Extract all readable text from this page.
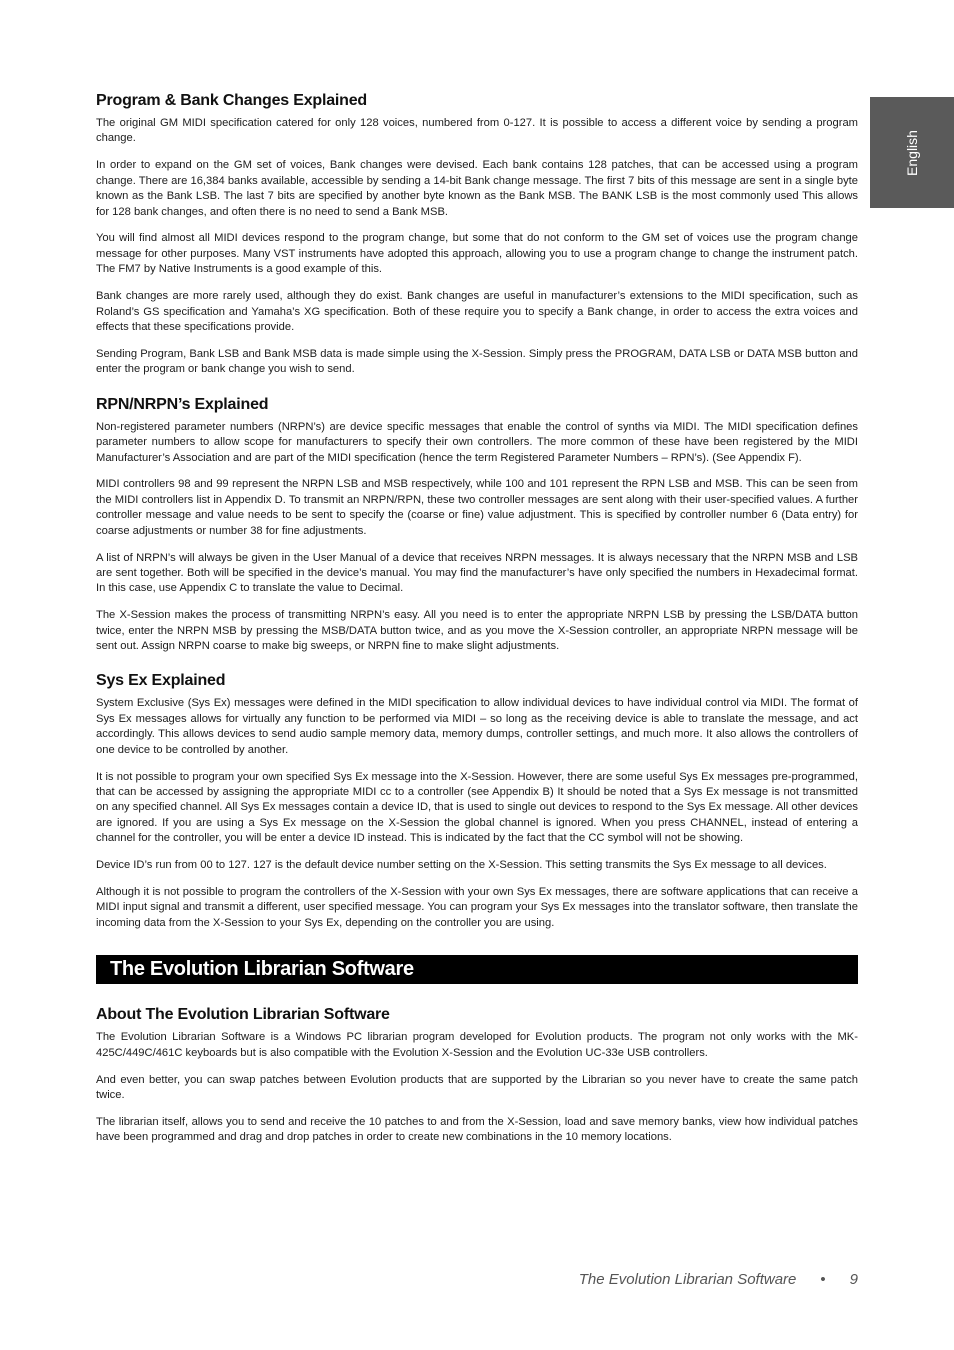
English
Program & Bank Changes Explained

The original GM MIDI specification catered for only 128 voices, numbered from 0-127. It is possible to access a different voice by sending a program change.

In order to expand on the GM set of voices, Bank changes were devised. Each bank contains 128 patches, that can be accessed using a program change. There are 16,384 banks available, accessible by sending a 14-bit Bank change message. The first 7 bits of this message are sent in a single byte known as the Bank LSB. The last 7 bits are specified by another byte known as the Bank MSB. The BANK LSB is the most commonly used This allows for 128 bank changes, and often there is no need to send a Bank MSB.

You will find almost all MIDI devices respond to the program change, but some that do not conform to the GM set of voices use the program change message for other purposes. Many VST instruments have adopted this approach, allowing you to use a program change to change the instrument patch. The FM7 by Native Instruments is a good example of this.

Bank changes are more rarely used, although they do exist. Bank changes are useful in manufacturer’s extensions to the MIDI specification, such as Roland’s GS specification and Yamaha’s XG specification. Both of these require you to specify a Bank change, in order to access the extra voices and effects that these specifications provide.

Sending Program, Bank LSB and Bank MSB data is made simple using the X-Session. Simply press the PROGRAM, DATA LSB or DATA MSB button and enter the program or bank change you wish to send.

RPN/NRPN’s Explained

Non-registered parameter numbers (NRPN’s) are device specific messages that enable the control of synths via MIDI. The MIDI specification defines parameter numbers to allow scope for manufacturers to specify their own controllers. The more common of these have been registered by the MIDI Manufacturer’s Association and are part of the MIDI specification (hence the term Registered Parameter Numbers – RPN’s). (See Appendix F).

MIDI controllers 98 and 99 represent the NRPN LSB and MSB respectively, while 100 and 101 represent the RPN LSB and MSB. This can be seen from the MIDI controllers list in Appendix D. To transmit an NRPN/RPN, these two controller messages are sent along with their user-specified values. A further controller message and value needs to be sent to specify the (coarse or fine) value adjustment. This is specified by controller number 6 (Data entry) for coarse adjustments or number 38 for fine adjustments.

A list of NRPN’s will always be given in the User Manual of a device that receives NRPN messages. It is always necessary that the NRPN MSB and LSB are sent together. Both will be specified in the device’s manual. You may find the manufacturer’s have only specified the numbers in Hexadecimal format. In this case, use Appendix C to translate the value to Decimal.

The X-Session makes the process of transmitting NRPN’s easy. All you need is to enter the appropriate NRPN LSB by pressing the LSB/DATA button twice, enter the NRPN MSB by pressing the MSB/DATA button twice, and as you move the X-Session controller, an appropriate NRPN message will be sent out. Assign NRPN coarse to make big sweeps, or NRPN fine to make slight adjustments.

Sys Ex Explained

System Exclusive (Sys Ex) messages were defined in the MIDI specification to allow individual devices to have individual control via MIDI. The format of Sys Ex messages allows for virtually any function to be performed via MIDI – so long as the receiving device is able to translate the message, and act accordingly. This allows devices to send audio sample memory data, memory dumps, controller settings, and much more. It also allows the controllers of one device to be controlled by another.

It is not possible to program your own specified Sys Ex message into the X-Session. However, there are some useful Sys Ex messages pre-programmed, that can be accessed by assigning the appropriate MIDI cc to a controller (see Appendix B) It should be noted that a Sys Ex message is not transmitted on any specified channel. All Sys Ex messages contain a device ID, that is used to single out devices to respond to the Sys Ex message. All other devices are ignored. If you are using a Sys Ex message on the X-Session the global channel is ignored. When you press CHANNEL, instead of entering a channel for the controller, you will be enter a device ID instead. This is indicated by the fact that the CC symbol will not be showing.

Device ID’s run from 00 to 127. 127 is the default device number setting on the X-Session. This setting transmits the Sys Ex message to all devices.

Although it is not possible to program the controllers of the X-Session with your own Sys Ex messages, there are software applications that can receive a MIDI input signal and transmit a different, user specified message. You can program your Sys Ex messages into the translator software, then translate the incoming data from the X-Session to your Sys Ex, depending on the controller you are using.

The Evolution Librarian Software
About The Evolution Librarian Software

The Evolution Librarian Software is a Windows PC librarian program developed for Evolution products. The program not only works with the MK-425C/449C/461C keyboards but is also compatible with the Evolution X-Session and the Evolution UC-33e USB controllers.

And even better, you can swap patches between Evolution products that are supported by the Librarian so you never have to create the same patch twice.

The librarian itself, allows you to send and receive the 10 patches to and from the X-Session, load and save memory banks, view how individual patches have been programmed and drag and drop patches in order to create new combinations in the 10 memory locations.

The Evolution Librarian Software • 9
